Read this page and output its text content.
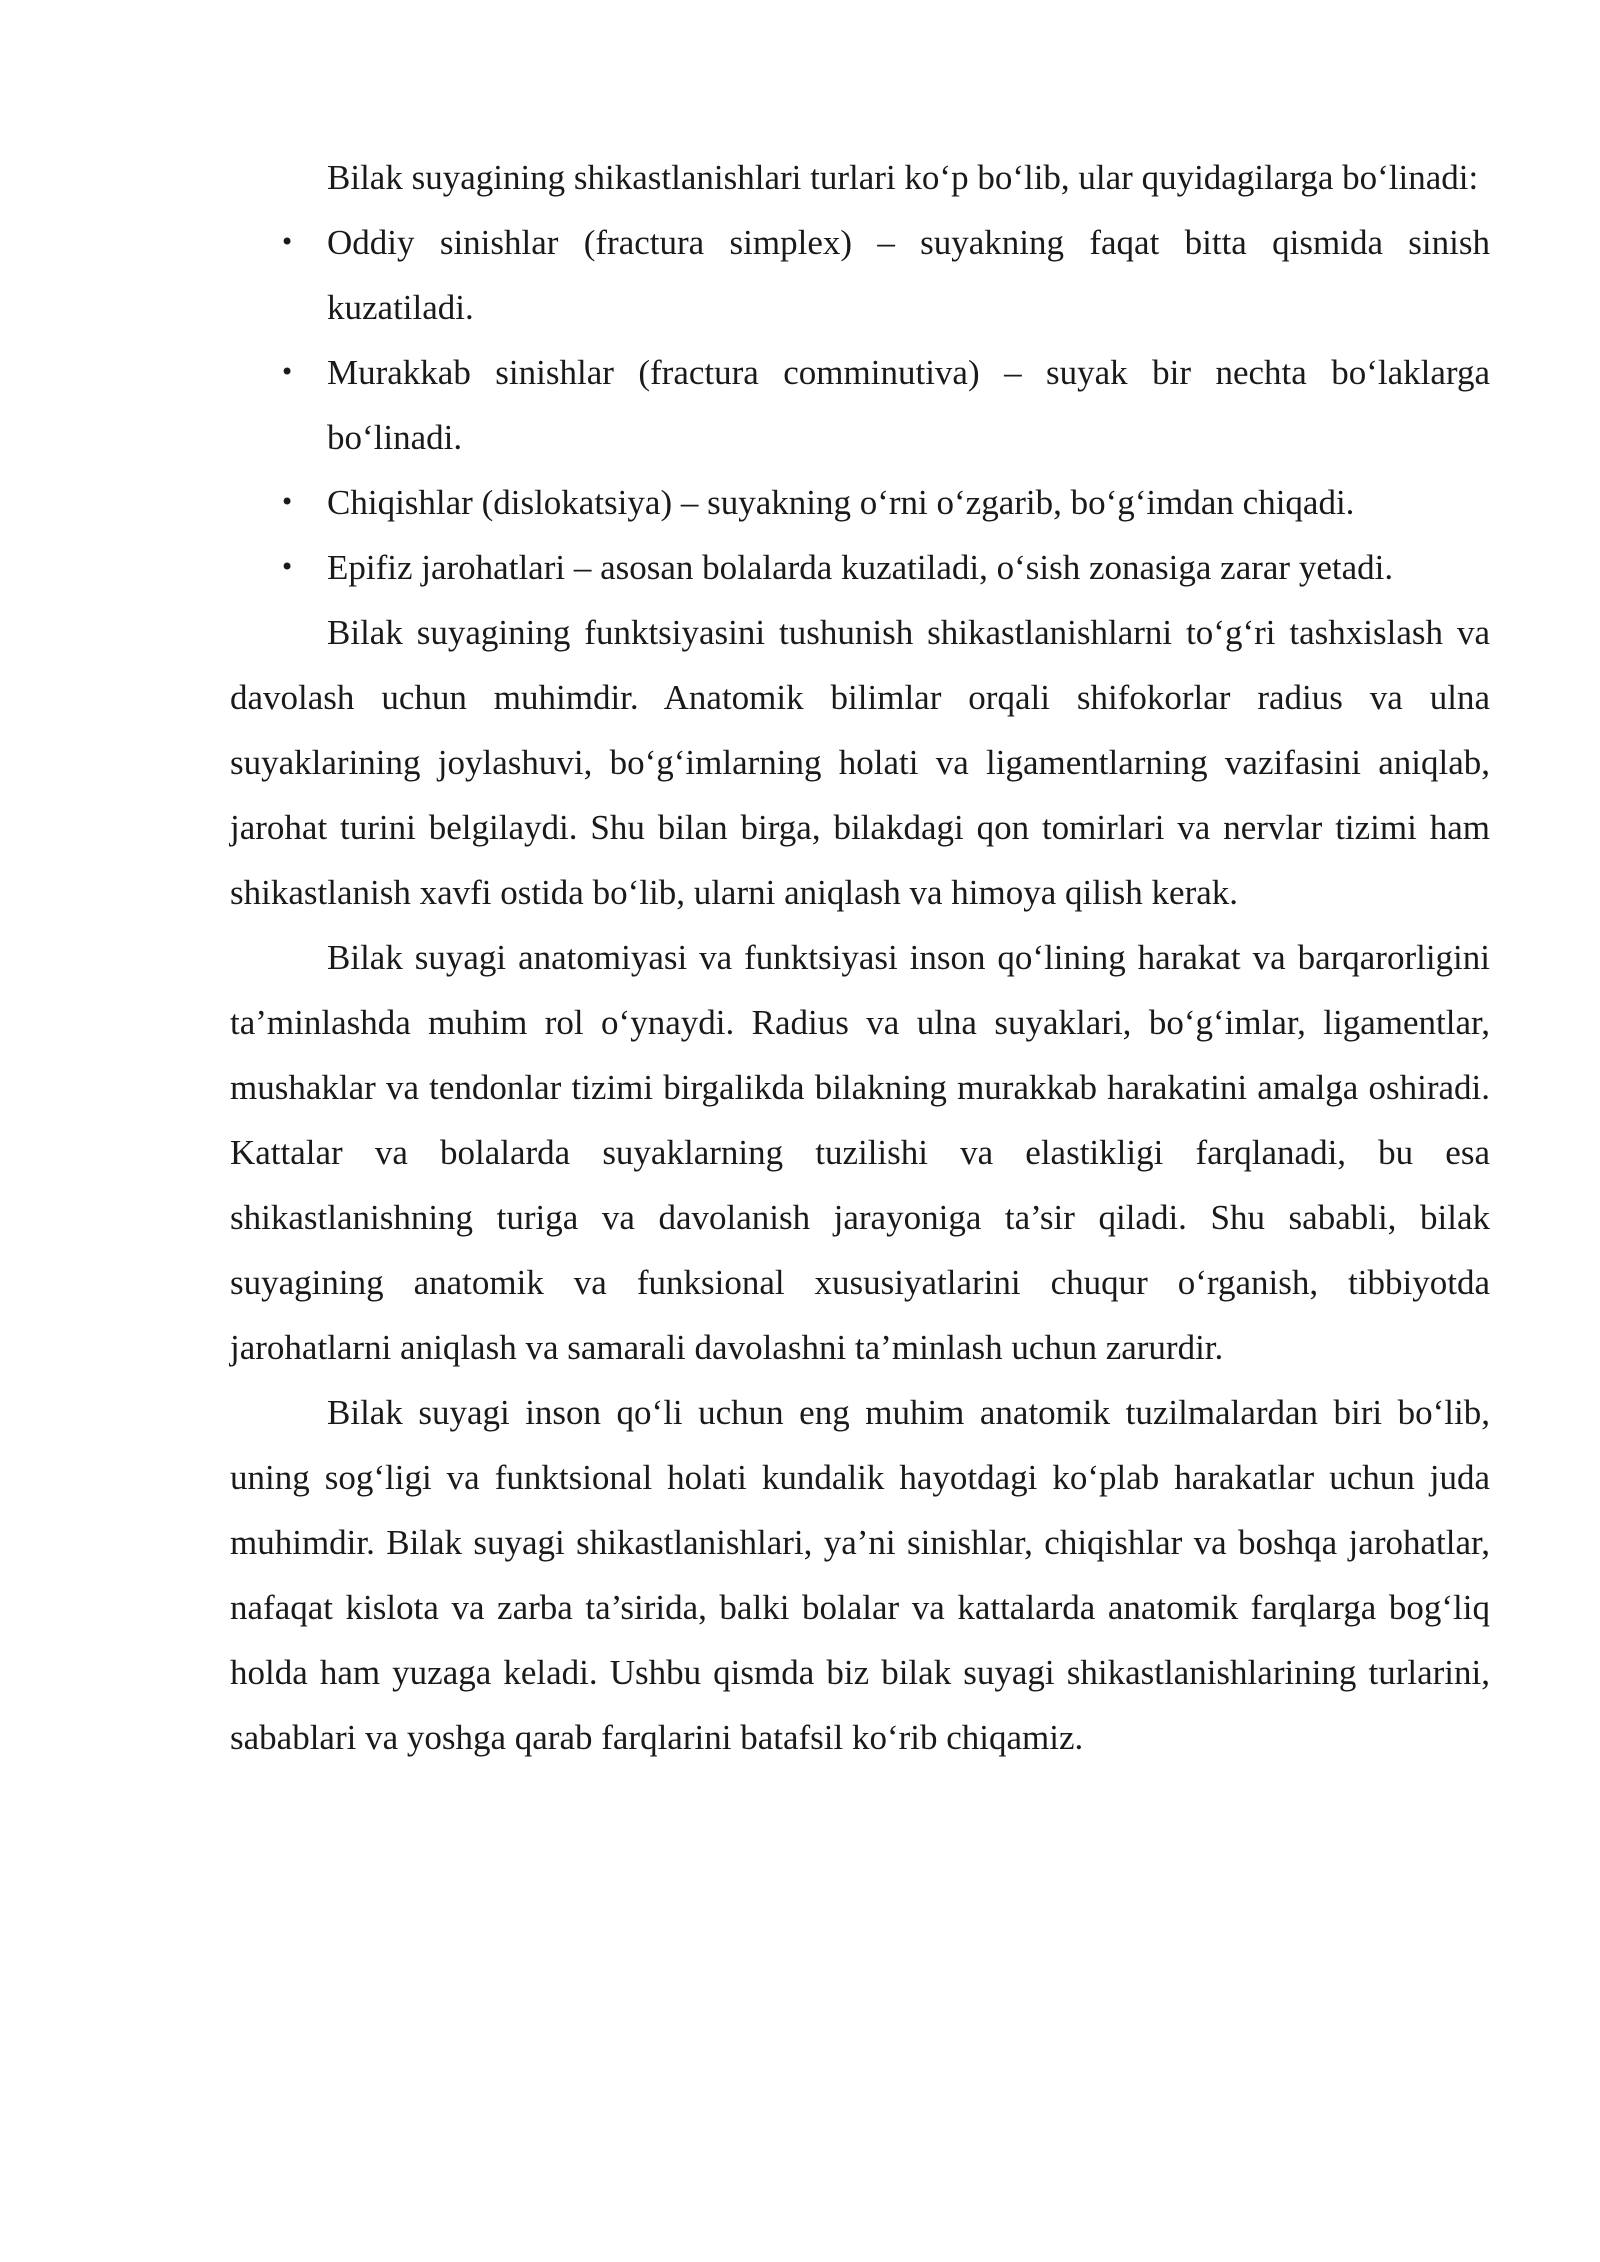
Bilak suyagining shikastlanishlari turlari ko‘p bo‘lib, ular quyidagilarga bo‘linadi:

• Oddiy sinishlar (fractura simplex) – suyakning faqat bitta qismida sinish kuzatiladi.
• Murakkab sinishlar (fractura comminutiva) – suyak bir nechta bo‘laklarga bo‘linadi.
• Chiqishlar (dislokatsiya) – suyakning o‘rni o‘zgarib, bo‘g‘imdan chiqadi.
• Epifiz jarohatlari – asosan bolalarda kuzatiladi, o‘sish zonasiga zarar yetadi.

Bilak suyagining funktsiyasini tushunish shikastlanishlarni to‘g‘ri tashxislash va davolash uchun muhimdir. Anatomik bilimlar orqali shifokorlar radius va ulna suyaklarining joylashuvi, bo‘g‘imlarning holati va ligamentlarning vazifasini aniqlab, jarohat turini belgilaydi. Shu bilan birga, bilakdagi qon tomirlari va nervlar tizimi ham shikastlanish xavfi ostida bo‘lib, ularni aniqlash va himoya qilish kerak.

Bilak suyagi anatomiyasi va funktsiyasi inson qo‘lining harakat va barqarorligini ta’minlashda muhim rol o‘ynaydi. Radius va ulna suyaklari, bo‘g‘imlar, ligamentlar, mushaklar va tendonlar tizimi birgalikda bilakning murakkab harakatini amalga oshiradi. Kattalar va bolalarda suyaklarning tuzilishi va elastikligi farqlanadi, bu esa shikastlanishning turiga va davolanish jarayoniga ta’sir qiladi. Shu sababli, bilak suyagining anatomik va funksional xususiyatlarini chuqur o‘rganish, tibbiyotda jarohatlarni aniqlash va samarali davolashni ta’minlash uchun zarurdir.

Bilak suyagi inson qo‘li uchun eng muhim anatomik tuzilmalardan biri bo‘lib, uning sog‘ligi va funktsional holati kundalik hayotdagi ko‘plab harakatlar uchun juda muhimdir. Bilak suyagi shikastlanishlari, ya’ni sinishlar, chiqishlar va boshqa jarohatlar, nafaqat kislota va zarba ta’sirida, balki bolalar va kattalarda anatomik farqlarga bog‘liq holda ham yuzaga keladi. Ushbu qismda biz bilak suyagi shikastlanishlarining turlarini, sabablari va yoshga qarab farqlarini batafsil ko‘rib chiqamiz.
